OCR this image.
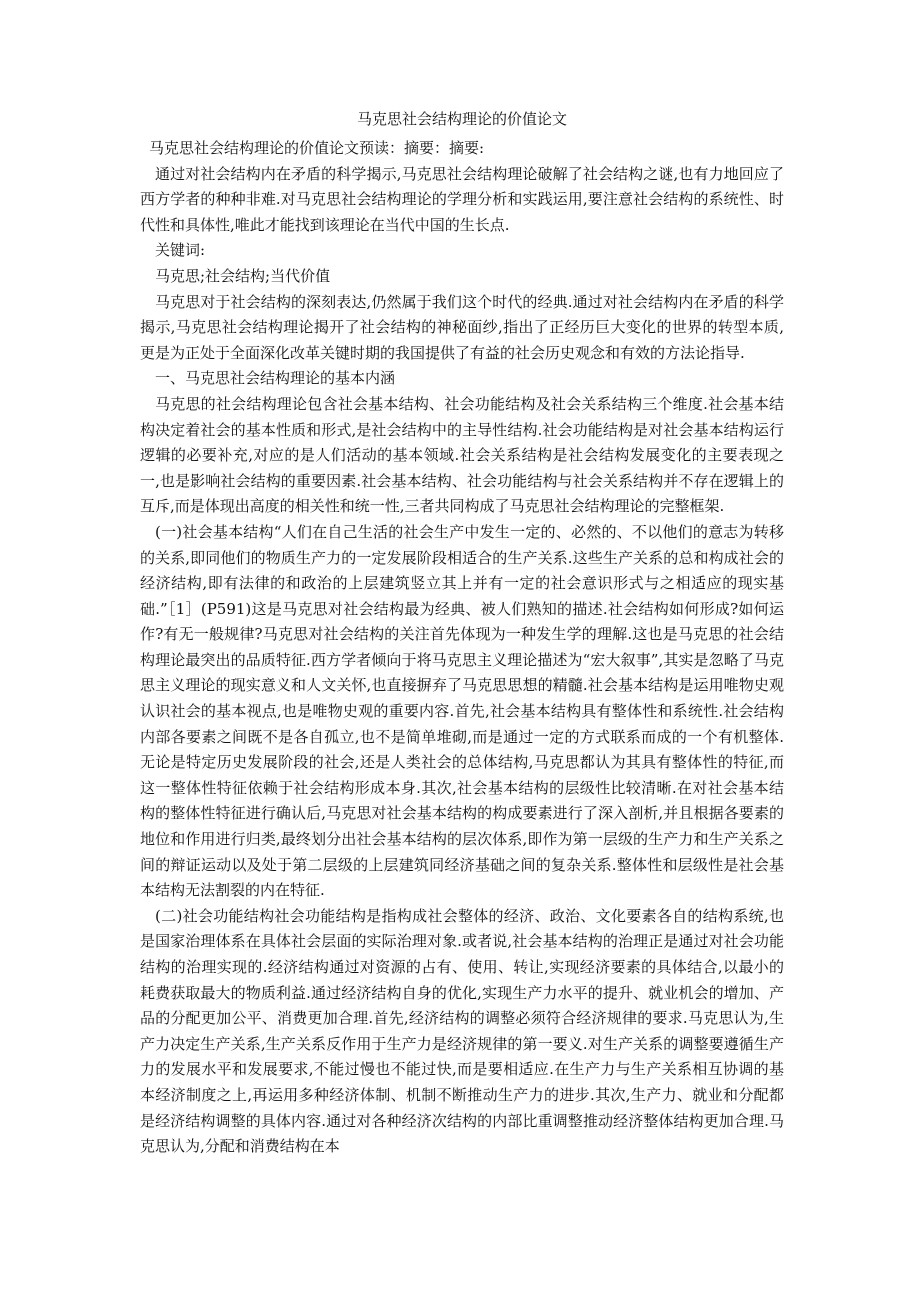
马克思社会结构理论的价值论文

马克思社会结构理论的价值论文预读：摘要：摘要:

通过对社会结构内在矛盾的科学揭示,马克思社会结构理论破解了社会结构之谜,也有力地回应了西方学者的种种非难.对马克思社会结构理论的学理分析和实践运用,要注意社会结构的系统性、时代性和具体性,唯此才能找到该理论在当代中国的生长点.

关键词:

马克思;社会结构;当代价值

马克思对于社会结构的深刻表达,仍然属于我们这个时代的经典.通过对社会结构内在矛盾的科学揭示,马克思社会结构理论揭开了社会结构的神秘面纱,指出了正经历巨大变化的世界的转型本质,更是为正处于全面深化改革关键时期的我国提供了有益的社会历史观念和有效的方法论指导.

一、马克思社会结构理论的基本内涵

马克思的社会结构理论包含社会基本结构、社会功能结构及社会关系结构三个维度.社会基本结构决定着社会的基本性质和形式,是社会结构中的主导性结构.社会功能结构是对社会基本结构运行逻辑的必要补充,对应的是人们活动的基本领域.社会关系结构是社会结构发展变化的主要表现之一,也是影响社会结构的重要因素.社会基本结构、社会功能结构与社会关系结构并不存在逻辑上的互斥,而是体现出高度的相关性和统一性,三者共同构成了马克思社会结构理论的完整框架.

(一)社会基本结构“人们在自己生活的社会生产中发生一定的、必然的、不以他们的意志为转移的关系,即同他们的物质生产力的一定发展阶段相适合的生产关系.这些生产关系的总和构成社会的经济结构,即有法律的和政治的上层建筑竖立其上并有一定的社会意识形式与之相适应的现实基础.”［1］(P591)这是马克思对社会结构最为经典、被人们熟知的描述.社会结构如何形成?如何运作?有无一般规律?马克思对社会结构的关注首先体现为一种发生学的理解.这也是马克思的社会结构理论最突出的品质特征.西方学者倾向于将马克思主义理论描述为“宏大叙事”,其实是忽略了马克思主义理论的现实意义和人文关怀,也直接摒弃了马克思思想的精髓.社会基本结构是运用唯物史观认识社会的基本视点,也是唯物史观的重要内容.首先,社会基本结构具有整体性和系统性.社会结构内部各要素之间既不是各自孤立,也不是简单堆砌,而是通过一定的方式联系而成的一个有机整体.无论是特定历史发展阶段的社会,还是人类社会的总体结构,马克思都认为其具有整体性的特征,而这一整体性特征依赖于社会结构形成本身.其次,社会基本结构的层级性比较清晰.在对社会基本结构的整体性特征进行确认后,马克思对社会基本结构的构成要素进行了深入剖析,并且根据各要素的地位和作用进行归类,最终划分出社会基本结构的层次体系,即作为第一层级的生产力和生产关系之间的辩证运动以及处于第二层级的上层建筑同经济基础之间的复杂关系.整体性和层级性是社会基本结构无法割裂的内在特征.

(二)社会功能结构社会功能结构是指构成社会整体的经济、政治、文化要素各自的结构系统,也是国家治理体系在具体社会层面的实际治理对象.或者说,社会基本结构的治理正是通过对社会功能结构的治理实现的.经济结构通过对资源的占有、使用、转让,实现经济要素的具体结合,以最小的耗费获取最大的物质利益.通过经济结构自身的优化,实现生产力水平的提升、就业机会的增加、产品的分配更加公平、消费更加合理.首先,经济结构的调整必须符合经济规律的要求.马克思认为,生产力决定生产关系,生产关系反作用于生产力是经济规律的第一要义.对生产关系的调整要遵循生产力的发展水平和发展要求,不能过慢也不能过快,而是要相适应.在生产力与生产关系相互协调的基本经济制度之上,再运用多种经济体制、机制不断推动生产力的进步.其次,生产力、就业和分配都是经济结构调整的具体内容.通过对各种经济次结构的内部比重调整推动经济整体结构更加合理.马克思认为,分配和消费结构在本
